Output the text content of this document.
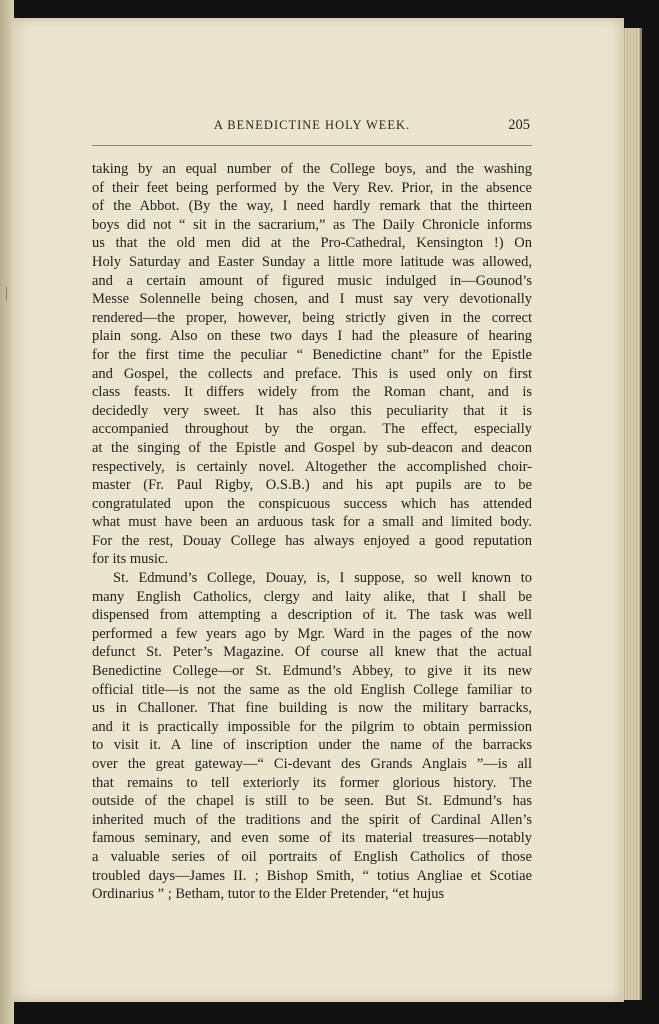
A BENEDICTINE HOLY WEEK.	205
taking by an equal number of the College boys, and the washing of their feet being performed by the Very Rev. Prior, in the absence of the Abbot. (By the way, I need hardly remark that the thirteen boys did not “ sit in the sacrarium,” as The Daily Chronicle informs us that the old men did at the Pro-Cathedral, Kensington !) On Holy Saturday and Easter Sunday a little more latitude was allowed, and a certain amount of figured music indulged in—Gounod’s Messe Solennelle being chosen, and I must say very devotionally rendered—the proper, however, being strictly given in the correct plain song. Also on these two days I had the pleasure of hearing for the first time the peculiar “ Benedictine chant” for the Epistle and Gospel, the collects and preface. This is used only on first class feasts. It differs widely from the Roman chant, and is decidedly very sweet. It has also this peculiarity that it is accompanied throughout by the organ. The effect, especially at the singing of the Epistle and Gospel by sub-deacon and deacon respectively, is certainly novel. Altogether the accomplished choir- master (Fr. Paul Rigby, O.S.B.) and his apt pupils are to be congratulated upon the conspicuous success which has attended what must have been an arduous task for a small and limited body. For the rest, Douay College has always enjoyed a good reputation for its music.
St. Edmund’s College, Douay, is, I suppose, so well known to many English Catholics, clergy and laity alike, that I shall be dispensed from attempting a description of it. The task was well performed a few years ago by Mgr. Ward in the pages of the now defunct St. Peter’s Magazine. Of course all knew that the actual Benedictine College—or St. Edmund’s Abbey, to give it its new official title—is not the same as the old English College familiar to us in Challoner. That fine building is now the military barracks, and it is practically impossible for the pilgrim to obtain permission to visit it. A line of inscription under the name of the barracks over the great gateway—“ Ci-devant des Grands Anglais ”—is all that remains to tell exteriorly its former glorious history. The outside of the chapel is still to be seen. But St. Edmund’s has inherited much of the traditions and the spirit of Cardinal Allen’s famous seminary, and even some of its material treasures—notably a valuable series of oil portraits of English Catholics of those troubled days—James II. ; Bishop Smith, “ totius Angliae et Scotiae Ordinarius ” ; Betham, tutor to the Elder Pretender, “et hujus
